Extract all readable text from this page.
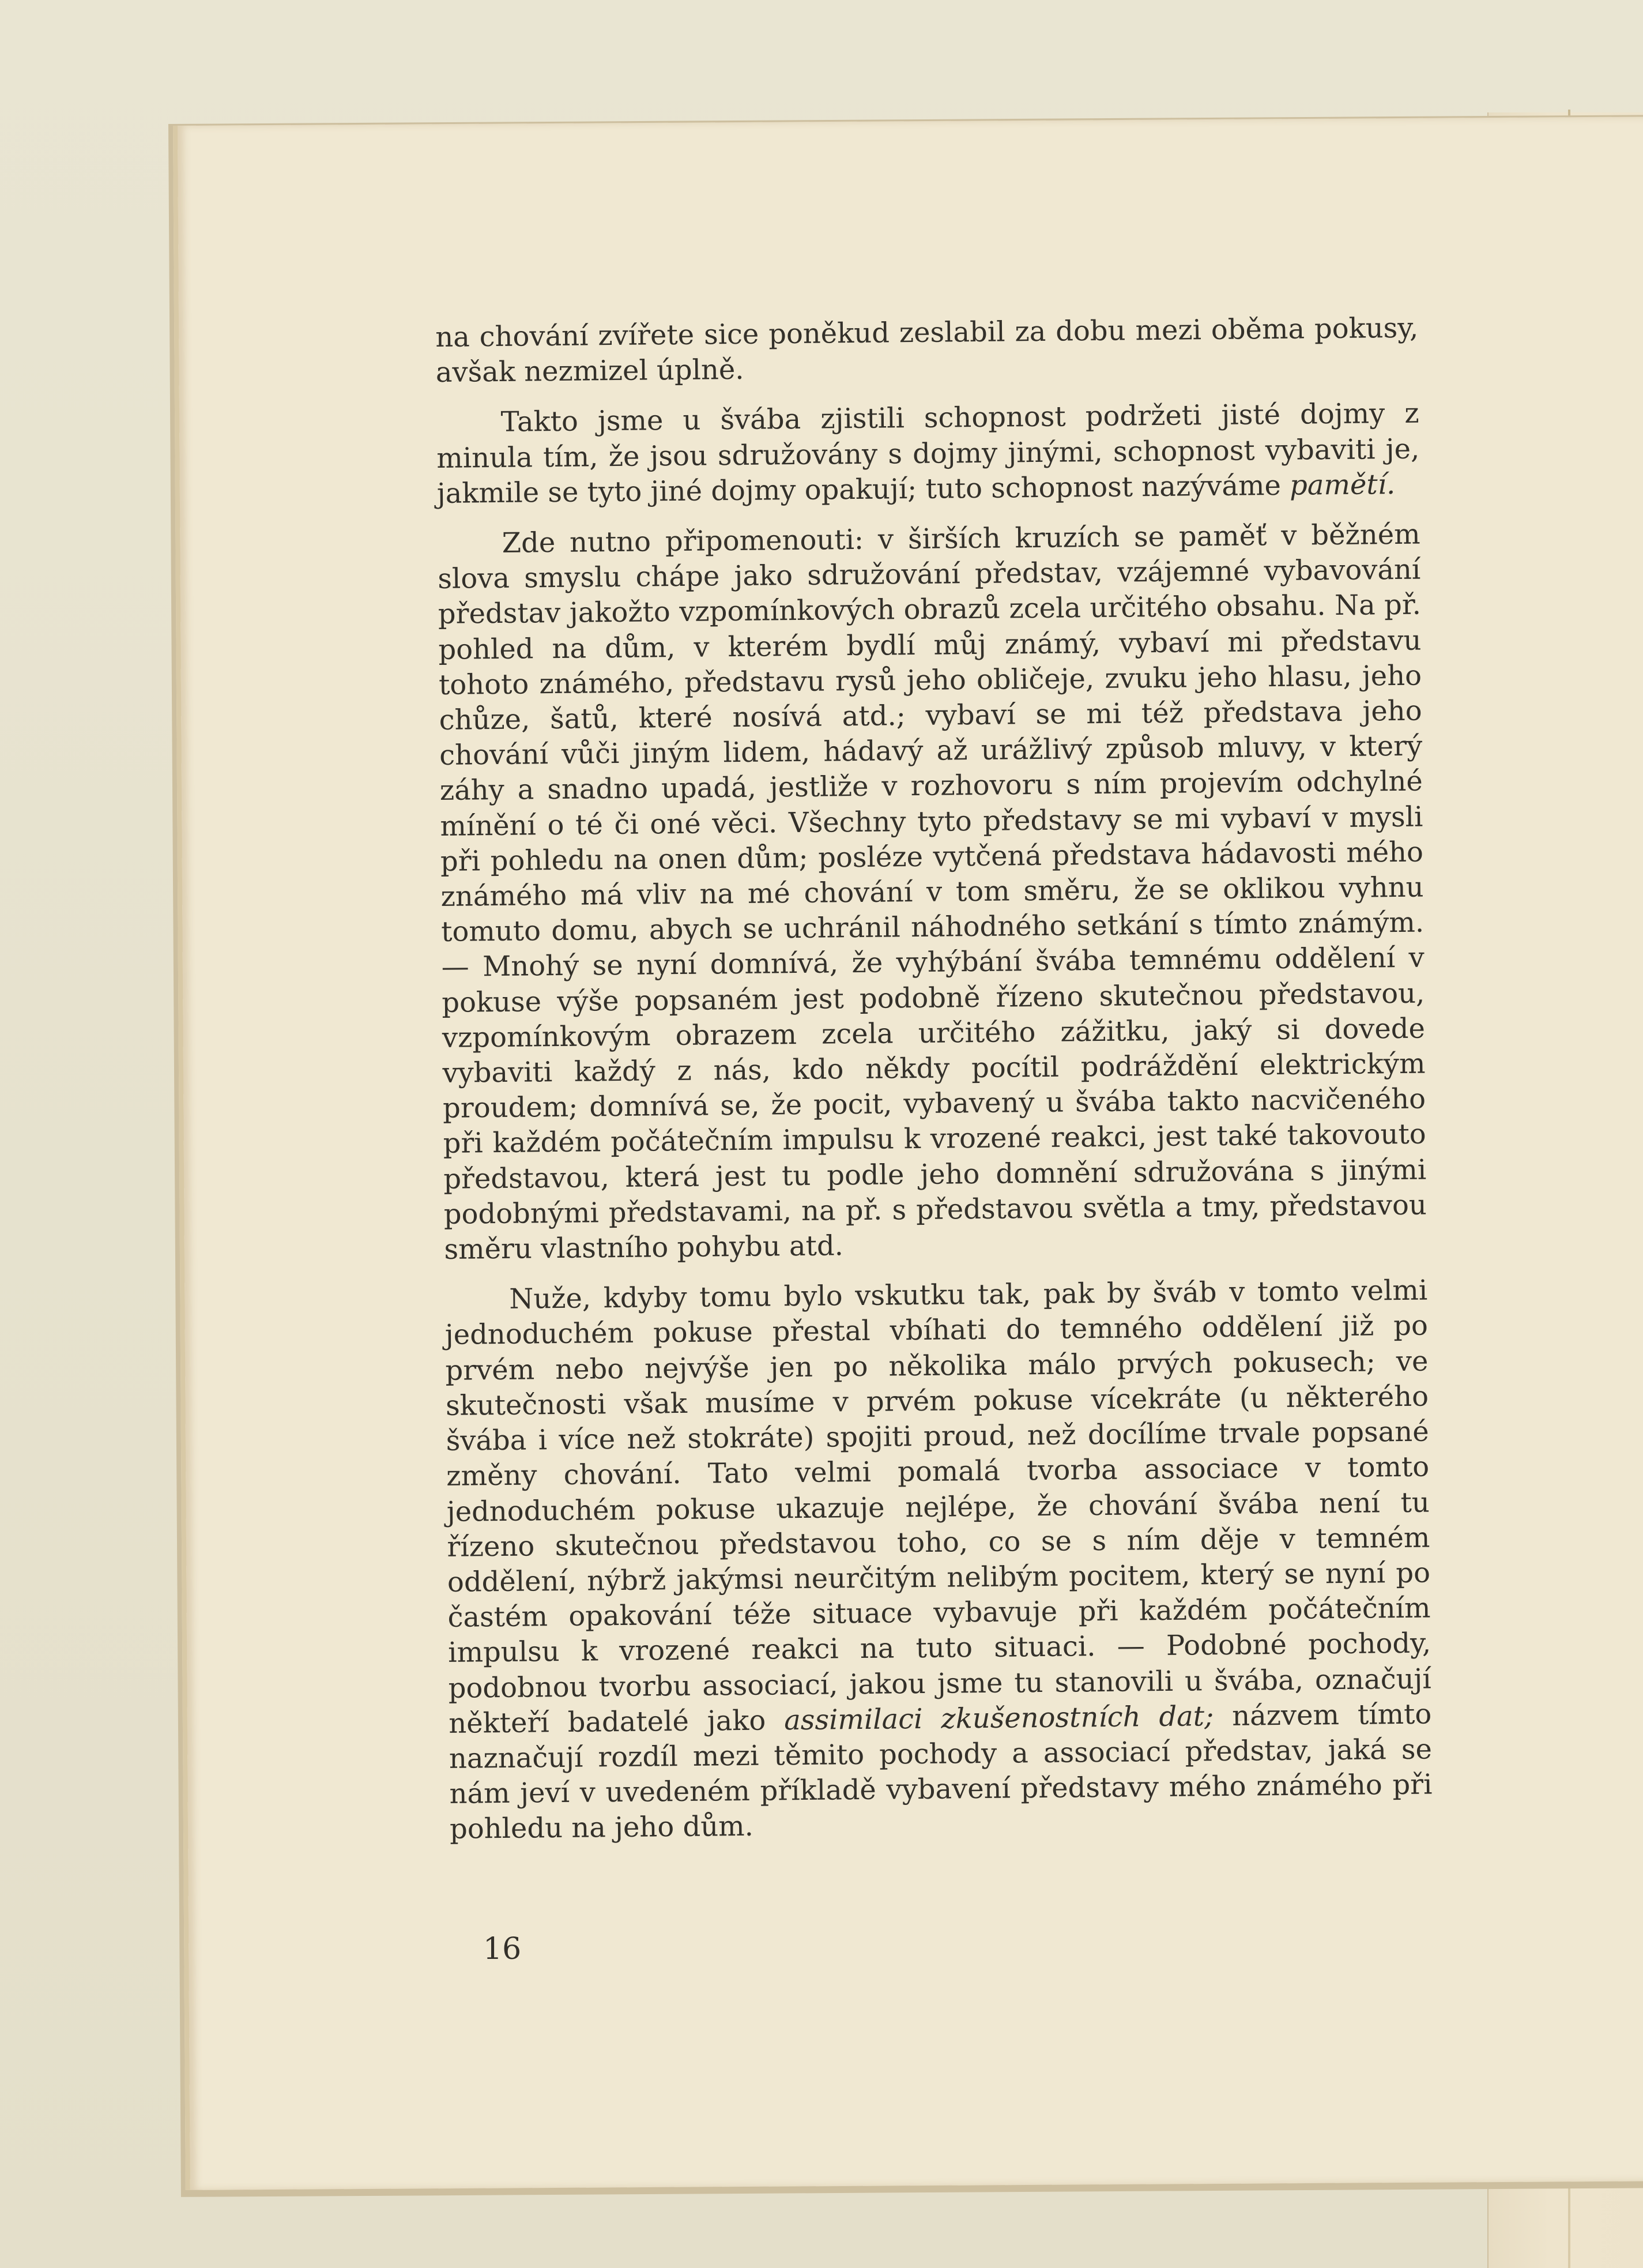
na chování zvířete sice poněkud zeslabil za dobu mezi oběma pokusy, avšak nezmizel úplně.

Takto jsme u švába zjistili schopnost podržeti jisté dojmy z minula tím, že jsou sdružovány s dojmy jinými, schopnost vybaviti je, jakmile se tyto jiné dojmy opakují; tuto schopnost nazýváme pamětí.

Zde nutno připomenouti: v širších kruzích se paměť v běžném slova smyslu chápe jako sdružování představ, vzájemné vybavování představ jakožto vzpomínkových obrazů zcela určitého obsahu. Na př. pohled na dům, v kterém bydlí můj známý, vybaví mi představu tohoto známého, představu rysů jeho obličeje, zvuku jeho hlasu, jeho chůze, šatů, které nosívá atd.; vybaví se mi též představa jeho chování vůči jiným lidem, hádavý až urážlivý způsob mluvy, v který záhy a snadno upadá, jestliže v rozhovoru s ním projevím odchylné mínění o té či oné věci. Všechny tyto představy se mi vybaví v mysli při pohledu na onen dům; posléze vytčená představa hádavosti mého známého má vliv na mé chování v tom směru, že se oklikou vyhnu tomuto domu, abych se uchránil náhodného setkání s tímto známým. — Mnohý se nyní domnívá, že vyhýbání švába temnému oddělení v pokuse výše popsaném jest podobně řízeno skutečnou představou, vzpomínkovým obrazem zcela určitého zážitku, jaký si dovede vybaviti každý z nás, kdo někdy pocítil podráždění elektrickým proudem; domnívá se, že pocit, vybavený u švába takto nacvičeného při každém počátečním impulsu k vrozené reakci, jest také takovouto představou, která jest tu podle jeho domnění sdružována s jinými podobnými představami, na př. s představou světla a tmy, představou směru vlastního pohybu atd.

Nuže, kdyby tomu bylo vskutku tak, pak by šváb v tomto velmi jednoduchém pokuse přestal vbíhati do temného oddělení již po prvém nebo nejvýše jen po několika málo prvých pokusech; ve skutečnosti však musíme v prvém pokuse vícekráte (u některého švába i více než stokráte) spojiti proud, než docílíme trvale popsané změny chování. Tato velmi pomalá tvorba associace v tomto jednoduchém pokuse ukazuje nejlépe, že chování švába není tu řízeno skutečnou představou toho, co se s ním děje v temném oddělení, nýbrž jakýmsi neurčitým nelibým pocitem, který se nyní po častém opakování téže situace vybavuje při každém počátečním impulsu k vrozené reakci na tuto situaci. — Podobné pochody, podobnou tvorbu associací, jakou jsme tu stanovili u švába, označují někteří badatelé jako assimilaci zkušenostních dat; názvem tímto naznačují rozdíl mezi těmito pochody a associací představ, jaká se nám jeví v uvedeném příkladě vybavení představy mého známého při pohledu na jeho dům.

16
